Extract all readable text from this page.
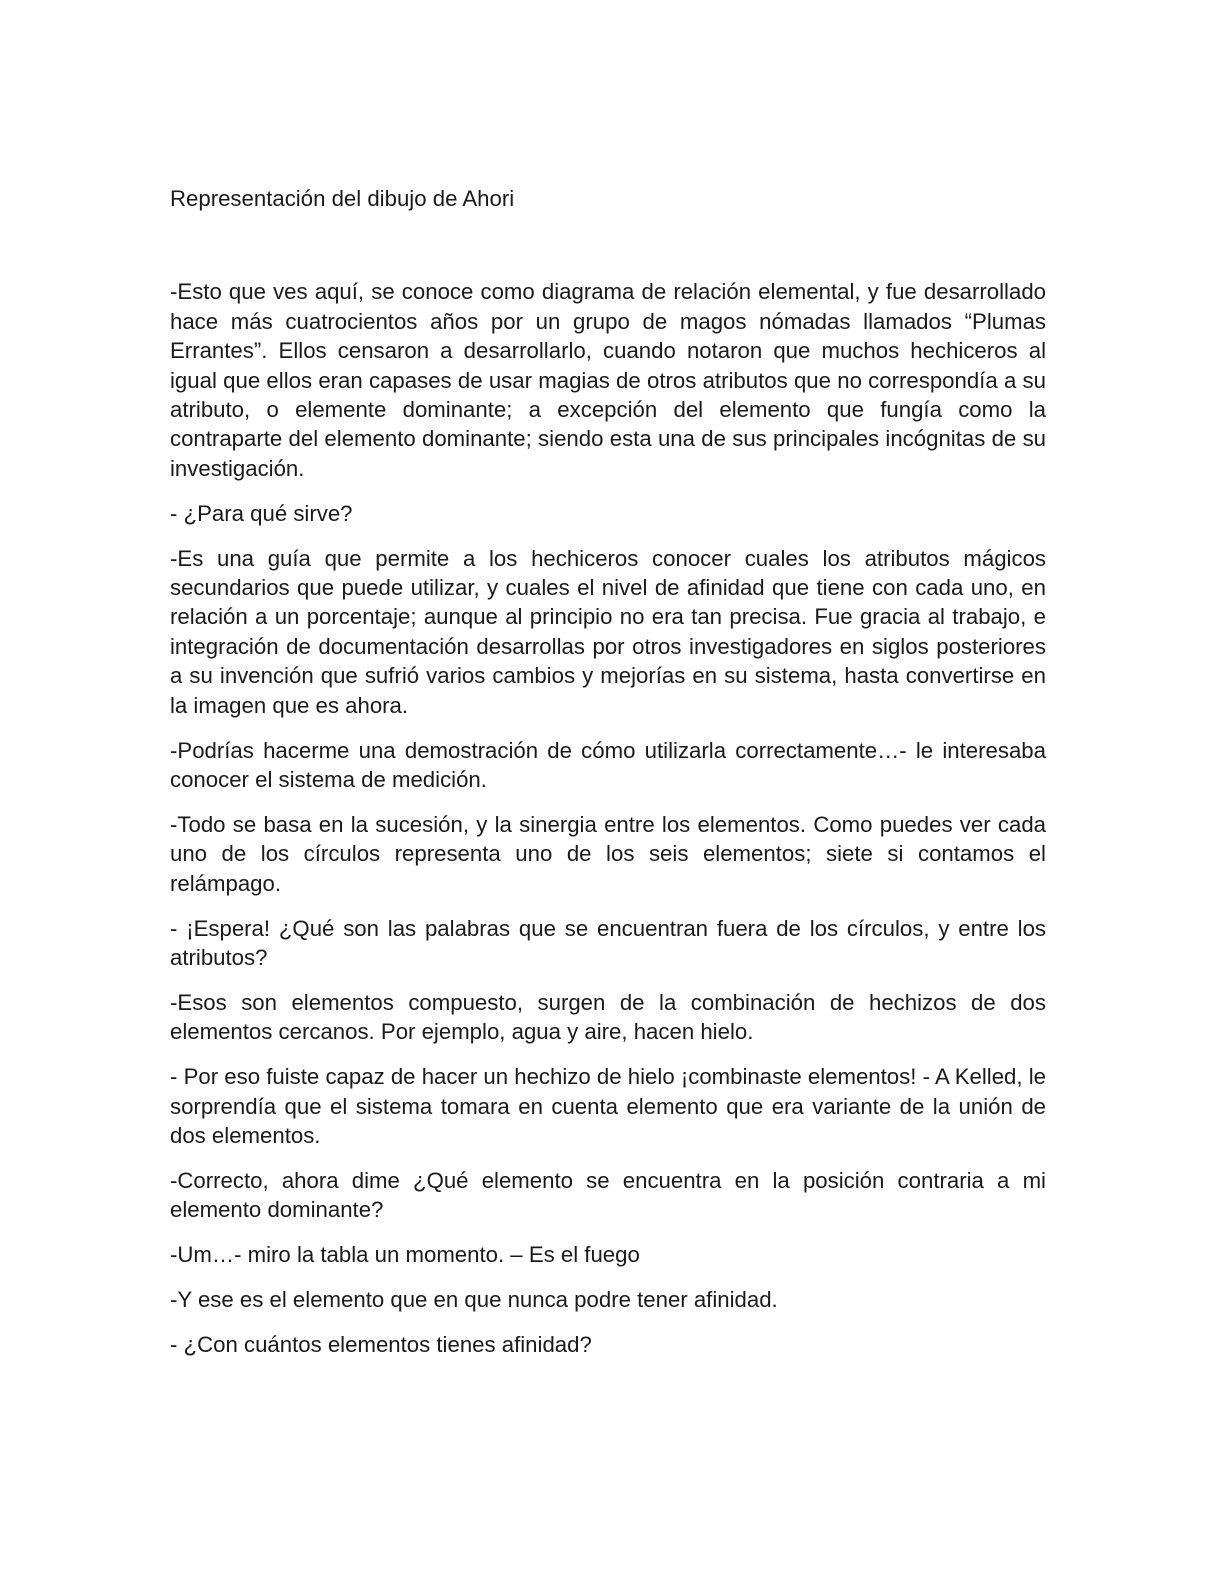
Representación del dibujo de Ahori

-Esto que ves aquí, se conoce como diagrama de relación elemental, y fue desarrollado hace más cuatrocientos años por un grupo de magos nómadas llamados “Plumas Errantes”. Ellos censaron a desarrollarlo, cuando notaron que muchos hechiceros al igual que ellos eran capases de usar magias de otros atributos que no correspondía a su atributo, o elemente dominante; a excepción del elemento que fungía como la contraparte del elemento dominante; siendo esta una de sus principales incógnitas de su investigación.

- ¿Para qué sirve?

-Es una guía que permite a los hechiceros conocer cuales los atributos mágicos secundarios que puede utilizar, y cuales el nivel de afinidad que tiene con cada uno, en relación a un porcentaje; aunque al principio no era tan precisa. Fue gracia al trabajo, e integración de documentación desarrollas por otros investigadores en siglos posteriores a su invención que sufrió varios cambios y mejorías en su sistema, hasta convertirse en la imagen que es ahora.

-Podrías hacerme una demostración de cómo utilizarla correctamente…- le interesaba conocer el sistema de medición.

-Todo se basa en la sucesión, y la sinergia entre los elementos. Como puedes ver cada uno de los círculos representa uno de los seis elementos; siete si contamos el relámpago.

- ¡Espera! ¿Qué son las palabras que se encuentran fuera de los círculos, y entre los atributos?

-Esos son elementos compuesto, surgen de la combinación de hechizos de dos elementos cercanos. Por ejemplo, agua y aire, hacen hielo.

- Por eso fuiste capaz de hacer un hechizo de hielo ¡combinaste elementos! - A Kelled, le sorprendía que el sistema tomara en cuenta elemento que era variante de la unión de dos elementos.

-Correcto, ahora dime ¿Qué elemento se encuentra en la posición contraria a mi elemento dominante?

-Um…- miro la tabla un momento. – Es el fuego

-Y ese es el elemento que en que nunca podre tener afinidad.

- ¿Con cuántos elementos tienes afinidad?
